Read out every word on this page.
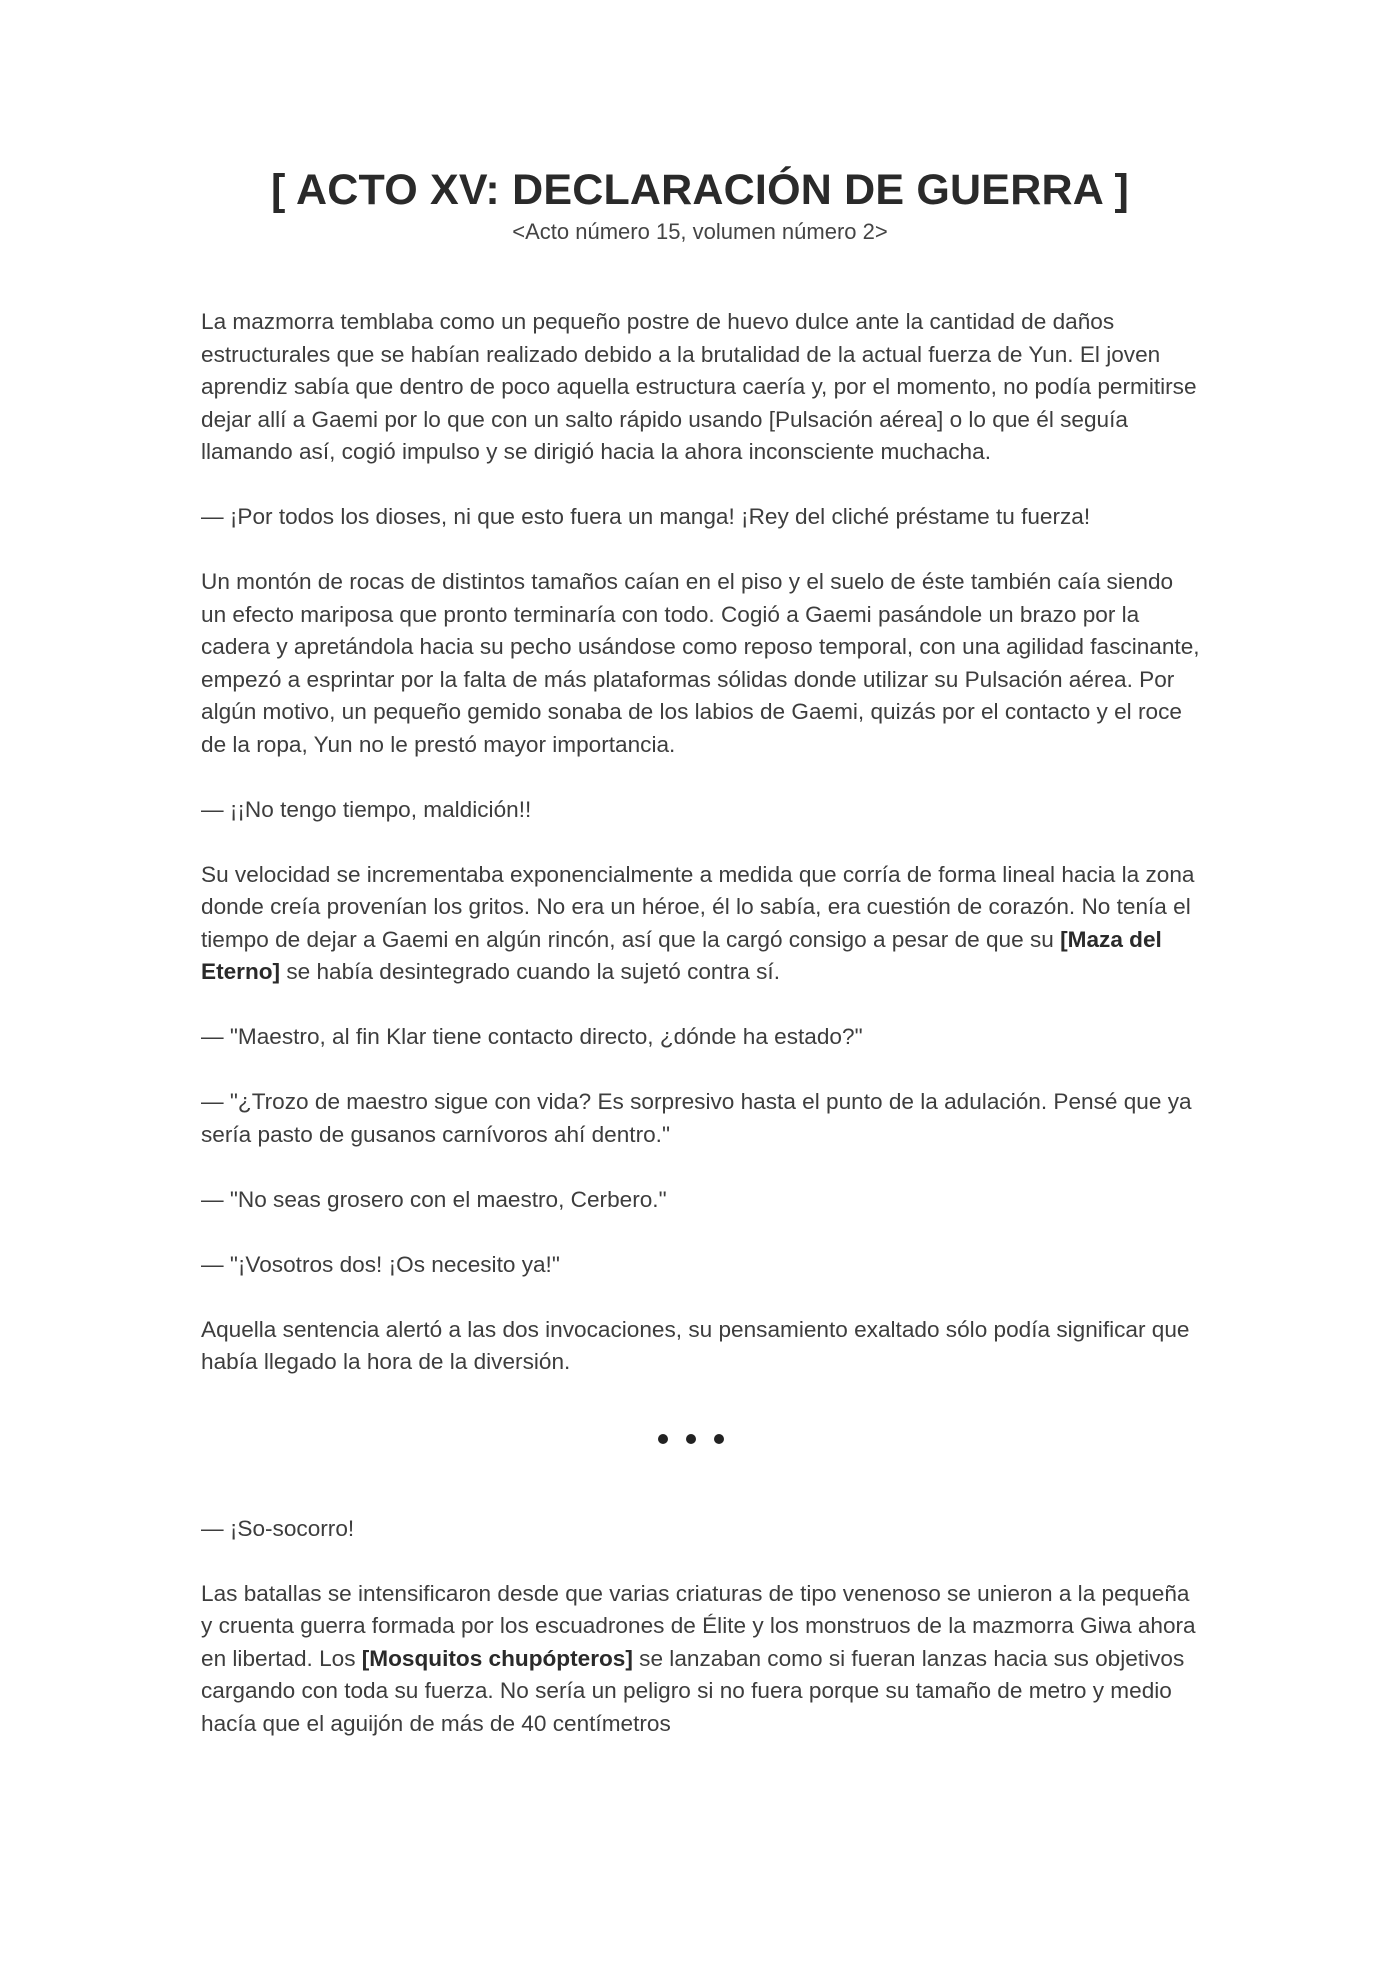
[ ACTO XV: DECLARACIÓN DE GUERRA ]

<Acto número 15, volumen número 2>

La mazmorra temblaba como un pequeño postre de huevo dulce ante la cantidad de daños estructurales que se habían realizado debido a la brutalidad de la actual fuerza de Yun. El joven aprendiz sabía que dentro de poco aquella estructura caería y, por el momento, no podía permitirse dejar allí a Gaemi por lo que con un salto rápido usando [Pulsación aérea] o lo que él seguía llamando así, cogió impulso y se dirigió hacia la ahora inconsciente muchacha.

— ¡Por todos los dioses, ni que esto fuera un manga! ¡Rey del cliché préstame tu fuerza!

Un montón de rocas de distintos tamaños caían en el piso y el suelo de éste también caía siendo un efecto mariposa que pronto terminaría con todo. Cogió a Gaemi pasándole un brazo por la cadera y apretándola hacia su pecho usándose como reposo temporal, con una agilidad fascinante, empezó a esprintar por la falta de más plataformas sólidas donde utilizar su Pulsación aérea. Por algún motivo, un pequeño gemido sonaba de los labios de Gaemi, quizás por el contacto y el roce de la ropa, Yun no le prestó mayor importancia.

— ¡¡No tengo tiempo, maldición!!

Su velocidad se incrementaba exponencialmente a medida que corría de forma lineal hacia la zona donde creía provenían los gritos. No era un héroe, él lo sabía, era cuestión de corazón. No tenía el tiempo de dejar a Gaemi en algún rincón, así que la cargó consigo a pesar de que su [Maza del Eterno] se había desintegrado cuando la sujetó contra sí.

— "Maestro, al fin Klar tiene contacto directo, ¿dónde ha estado?"

— "¿Trozo de maestro sigue con vida? Es sorpresivo hasta el punto de la adulación. Pensé que ya sería pasto de gusanos carnívoros ahí dentro."

— "No seas grosero con el maestro, Cerbero."

— "¡Vosotros dos! ¡Os necesito ya!"

Aquella sentencia alertó a las dos invocaciones, su pensamiento exaltado sólo podía significar que había llegado la hora de la diversión.

— ¡So-socorro!

Las batallas se intensificaron desde que varias criaturas de tipo venenoso se unieron a la pequeña y cruenta guerra formada por los escuadrones de Élite y los monstruos de la mazmorra Giwa ahora en libertad. Los [Mosquitos chupópteros] se lanzaban como si fueran lanzas hacia sus objetivos cargando con toda su fuerza. No sería un peligro si no fuera porque su tamaño de metro y medio hacía que el aguijón de más de 40 centímetros
